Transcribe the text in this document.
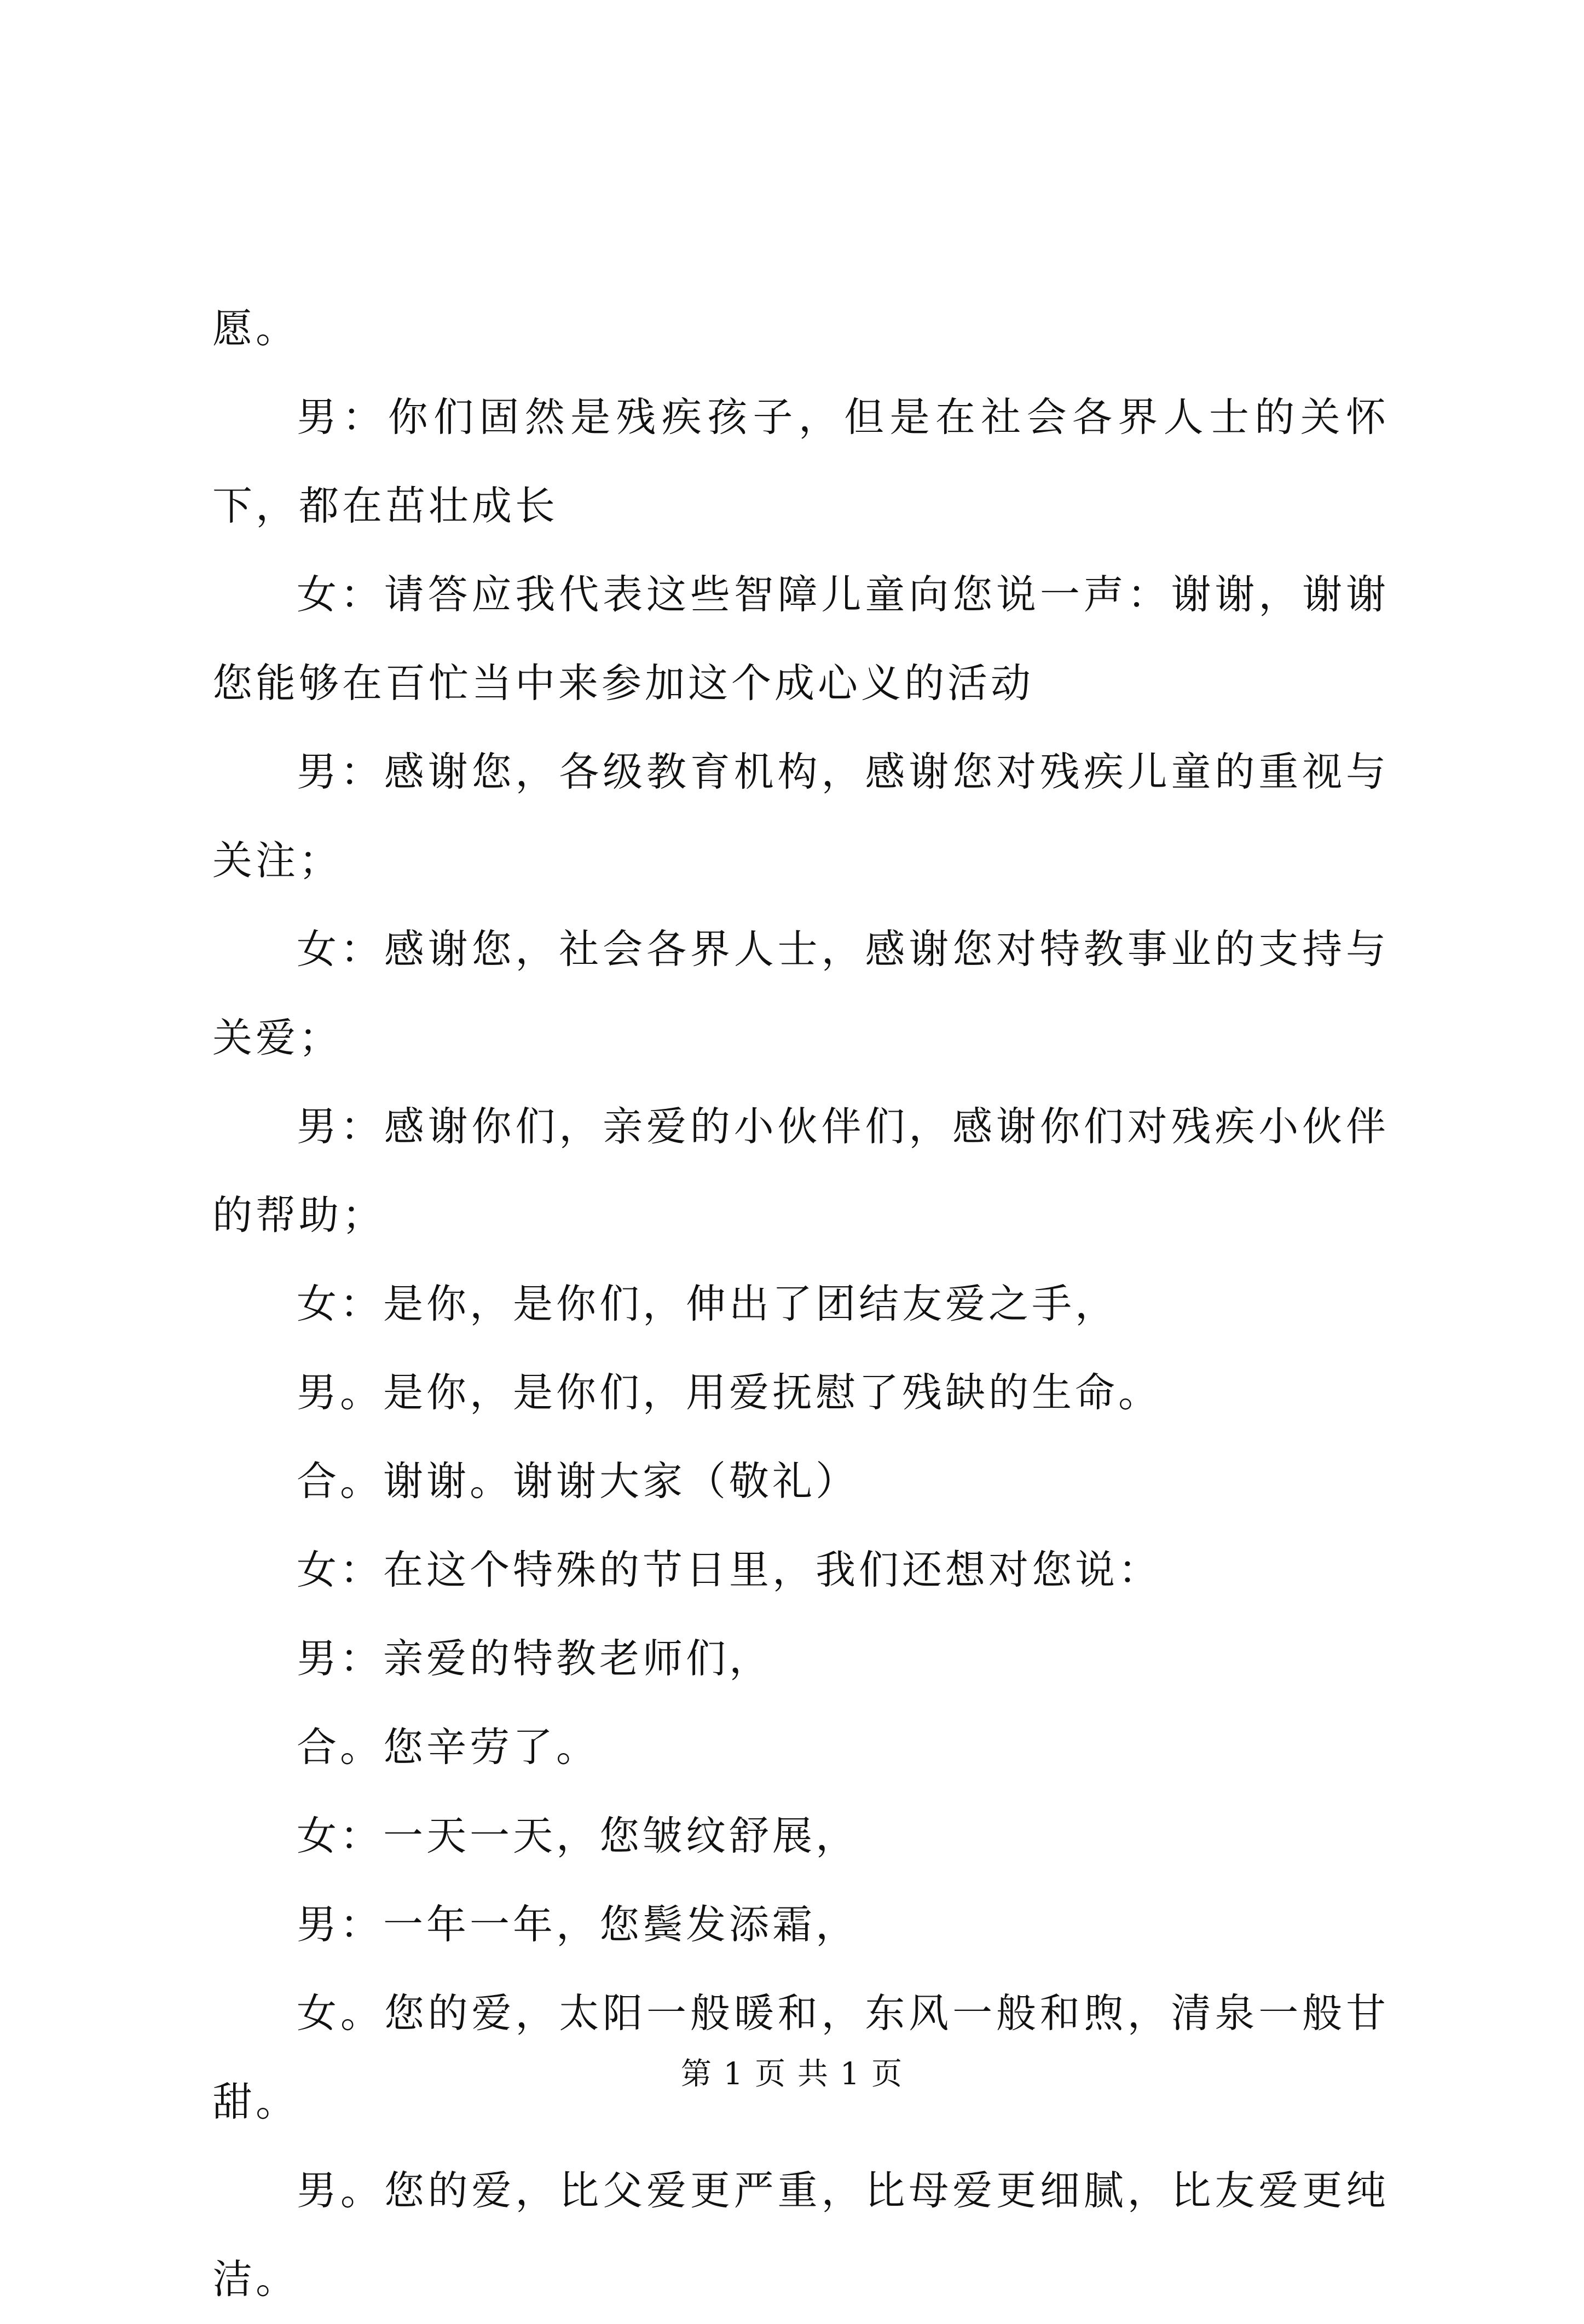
愿。

男：你们固然是残疾孩子，但是在社会各界人士的关怀下，都在茁壮成长

女：请答应我代表这些智障儿童向您说一声：谢谢，谢谢您能够在百忙当中来参加这个成心义的活动

男：感谢您，各级教育机构，感谢您对残疾儿童的重视与关注；

女：感谢您，社会各界人士，感谢您对特教事业的支持与关爱；

男：感谢你们，亲爱的小伙伴们，感谢你们对残疾小伙伴的帮助；

女：是你，是你们，伸出了团结友爱之手，

男。是你，是你们，用爱抚慰了残缺的生命。

合。谢谢。谢谢大家（敬礼）

女：在这个特殊的节日里，我们还想对您说：

男：亲爱的特教老师们，

合。您辛劳了。

女：一天一天，您皱纹舒展，

男：一年一年，您鬓发添霜，

女。您的爱，太阳一般暖和，东风一般和煦，清泉一般甘甜。

男。您的爱，比父爱更严重，比母爱更细腻，比友爱更纯洁。

第 1 页 共 1 页
